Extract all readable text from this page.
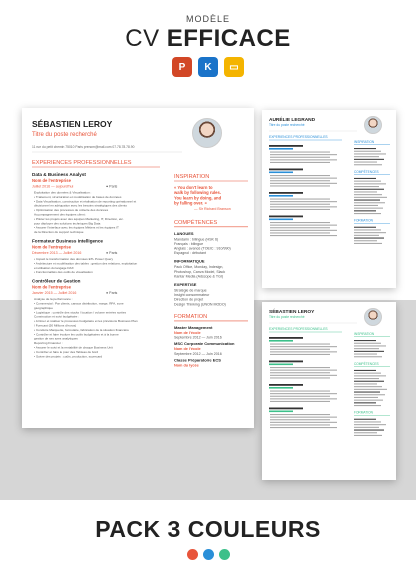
MODÈLE
CV EFFICACE
P	K	▭
SÉBASTIEN LEROY
Titre du poste recherché
11 rue du petit chemin 75010 Paris prenom@mail.com 07.78.78.78.90
EXPERIENCES PROFESSIONNELLES
Data & Business Analyst
Nom de l'entreprise
Juillet 2016 — aujourd'hui	● Paris
Exploitation des données & Visualisation :
• Traitement, structuration et modélisation de bases de données
• Data Visualisation, construction et réalisation de reporting opérationnel et
décisionnel en adéquation avec les besoins stratégiques des clients
• Optimisation des processus de collecte des données
Accompagnement des équipes client :
• Piloter les projets avec des équipes Marketing, IT, Direction, etc.
pour déployer des solutions techniques Big Data
• Assurer l'interface avec les équipes Métiers et les équipes IT
de la Direction du support technique
Formateur Business Intelligence
Nom de l'entreprise
Décembre 2013 — Juillet 2016	● Paris
• Impact le transformation des données ETL Power Query
• Architecture et modélisation des tables : gestion des relations, exploitation
et utilisation du langage DAX
• Fonctionnalités des outils de visualisation
Contrôleur de Gestion
Nom de l'entreprise
Janvier 2015 — Juillet 2016	● Paris
Analyse de la performance :
• Commercial : Par clients, canaux distribution, marge, RFA, zone
géographique
• Logistique : contrôle des stocks / location / volume entrées sorties
Construction et suivi budgétaire :
• Arrimer et réaliser le processus budgétaire et les prévisions Business Plan
/ Forecast (50 Millions d'euros)
• Conduire Marquette, formulaire, fabrication de la situation financière
• Contrôler et faire évoluer les outils budgétaires et à la bonne
gestion de ses axes analytiques
Reporting Financier :
• Assurer le suivi et la rentabilité de chaque Business Unit
• Contrôler et faire le pour des Tableau de bord
• Suivre des projets : coûts, production, scorecard
INSPIRATION
« You don't learn to
walk by following rules.
You learn by doing, and
by falling over. »
— Sir Richard Branson
COMPÉTENCES
LANGUES
Mandarin : bilingue (HSK 6)
Français : bilingue
Anglais : avancé (TOEIC : 910/990)
Espagnol : débutant
INFORMATIQUE
Pack Office, Monday, Indesign,
Photoshop, Canva Model, Slack
Kantar Media (Adscope & TGI)
EXPERTISE
Stratégie de marque
Insight consommateur
Direction de projet
Design Thinking (UNON MODO)
FORMATION
Master Management
Nom de l'école
Septembre 2012 — Juin 2016
MSC Corporate Communication
Nom de l'école
Septembre 2012 — Juin 2016
Classe Préparatoire ECS
Nom du lycée
AURÉLIE LEGRAND
Titre du poste recherché
EXPERIENCES PROFESSIONNELLES
INSPIRATION
COMPÉTENCES
FORMATION
SÉBASTIEN LEROY
Titre du poste recherché
EXPERIENCES PROFESSIONNELLES
INSPIRATION
COMPÉTENCES
FORMATION
PACK 3 COULEURS
